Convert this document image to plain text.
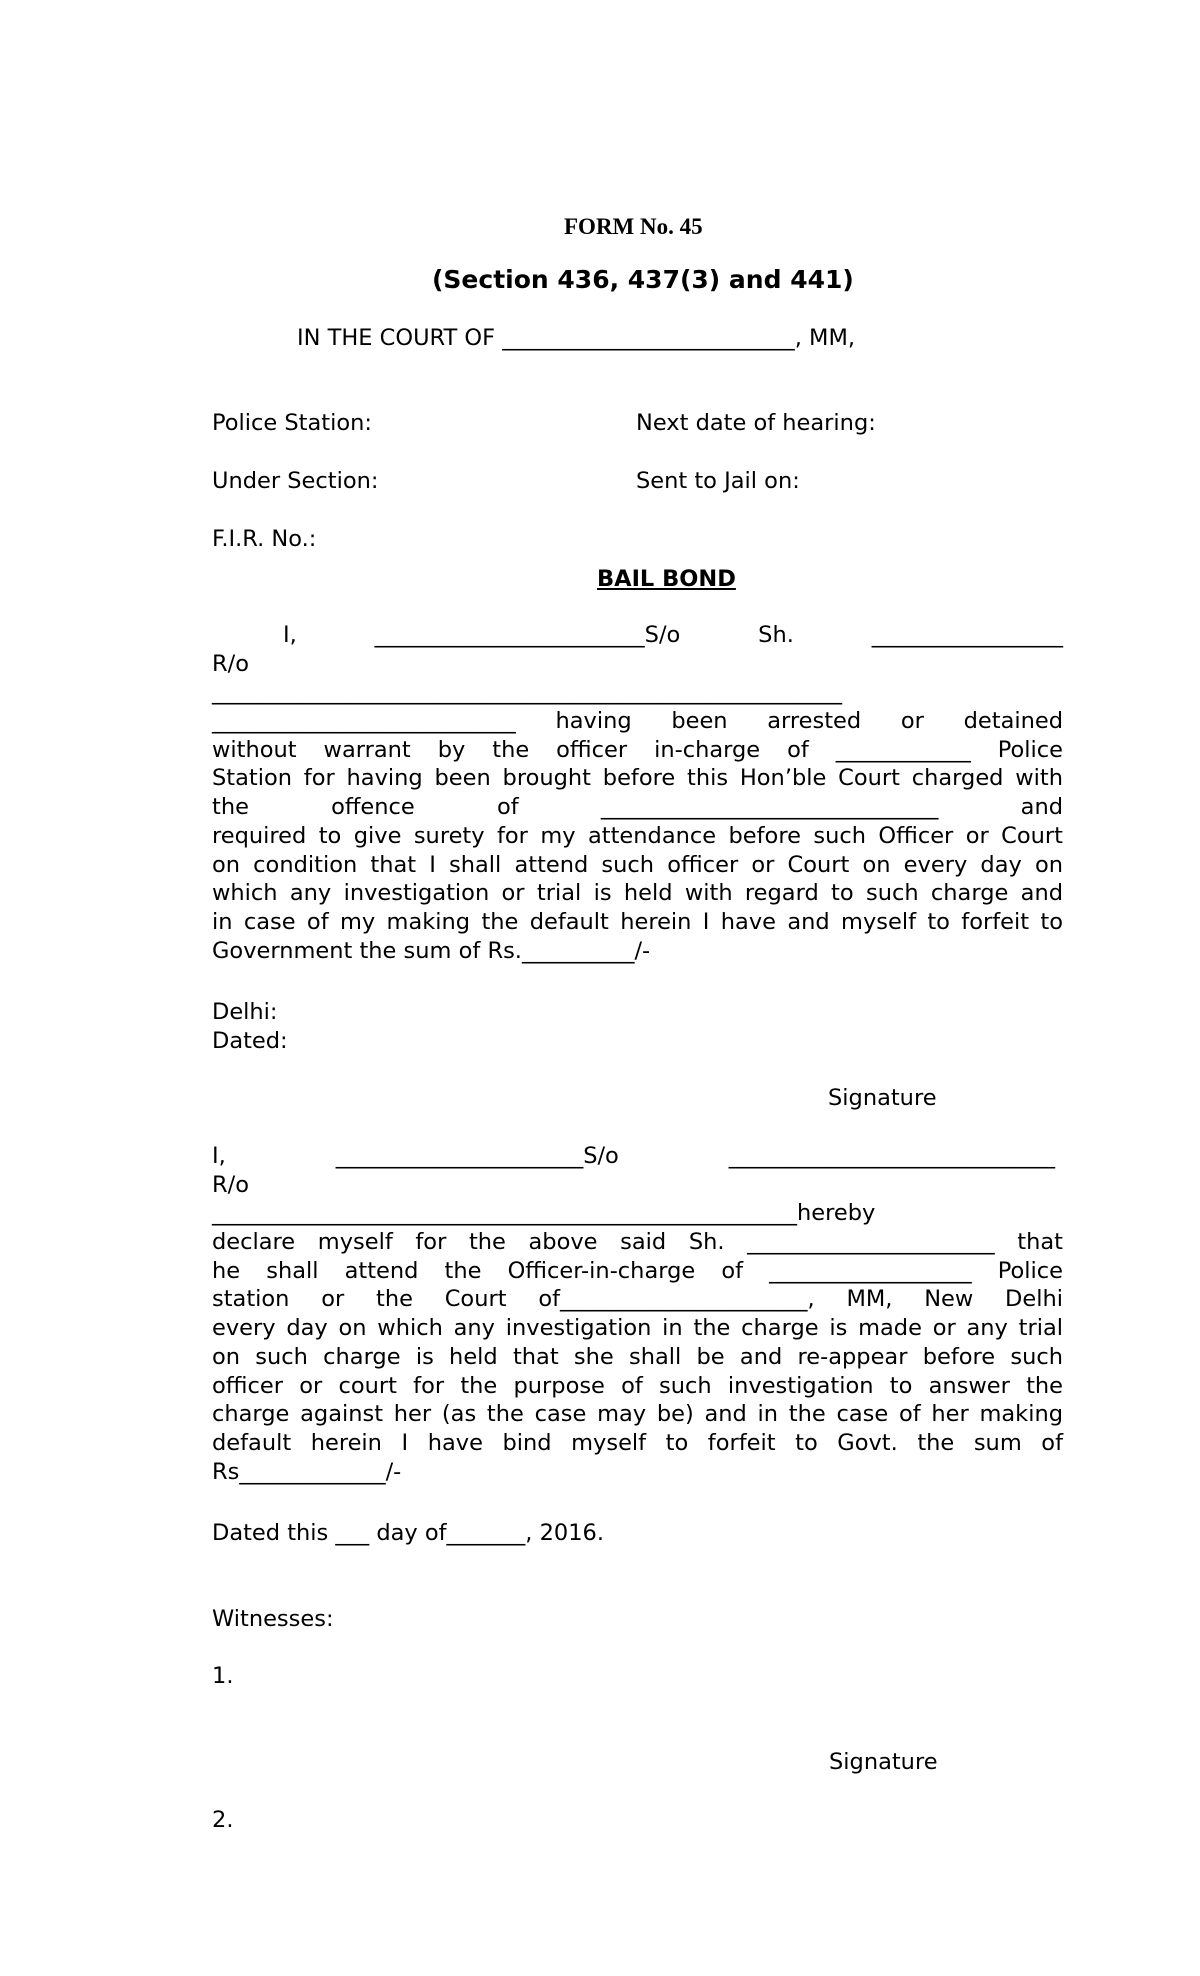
FORM No. 45
(Section 436, 437(3) and 441)
IN THE COURT OF __________________________, MM,
Police Station:	Next date of hearing:
Under Section:	Sent to Jail on:
F.I.R. No.:
BAIL BOND
I, ________________________S/o Sh. _________________
R/o
________________________________________________________
___________________________ having been arrested or detained
without warrant by the officer in-charge of ____________ Police
Station for having been brought before this Hon’ble Court charged with
the offence of ______________________________ and
required to give surety for my attendance before such Officer or Court
on condition that I shall attend such officer or Court on every day on
which any investigation or trial is held with regard to such charge and
in case of my making the default herein I have and myself to forfeit to
Government the sum of Rs.__________/-
Delhi:
Dated:
Signature
I, ______________________S/o _____________________________
R/o
____________________________________________________hereby
declare myself for the above said Sh. ______________________ that
he shall attend the Officer-in-charge of __________________ Police
station or the Court of______________________, MM, New Delhi
every day on which any investigation in the charge is made or any trial
on such charge is held that she shall be and re-appear before such
officer or court for the purpose of such investigation to answer the
charge against her (as the case may be) and in the case of her making
default herein I have bind myself to forfeit to Govt. the sum of
Rs_____________/-
Dated this ___ day of_______, 2016.
Witnesses:
1.
Signature
2.
